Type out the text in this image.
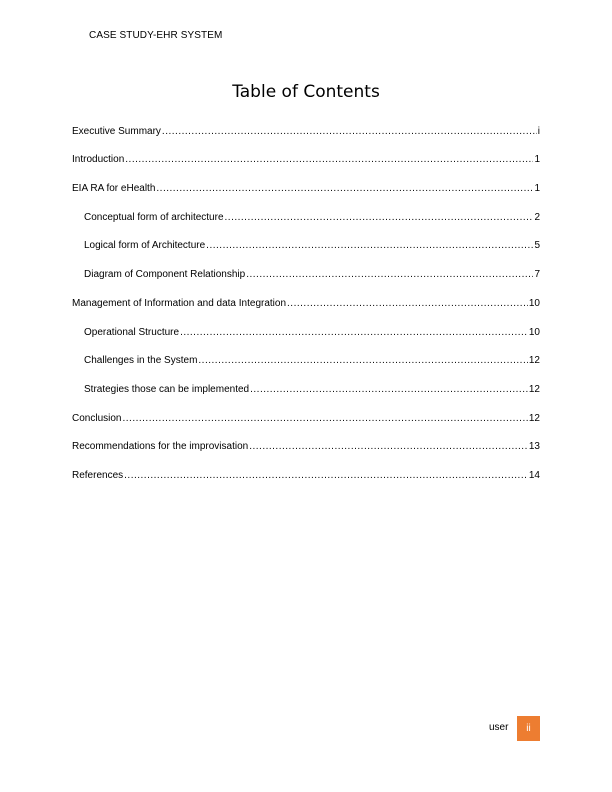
CASE STUDY-EHR SYSTEM
Table of Contents
Executive Summary .....	i
Introduction .....	1
EIA RA for eHealth .....	1
Conceptual form of architecture .....	2
Logical form of Architecture .....	5
Diagram of Component Relationship .....	7
Management of Information and data Integration .....	10
Operational Structure .....	10
Challenges in the System .....	12
Strategies those can be implemented .....	12
Conclusion .....	12
Recommendations for the improvisation .....	13
References .....	14
user	ii
